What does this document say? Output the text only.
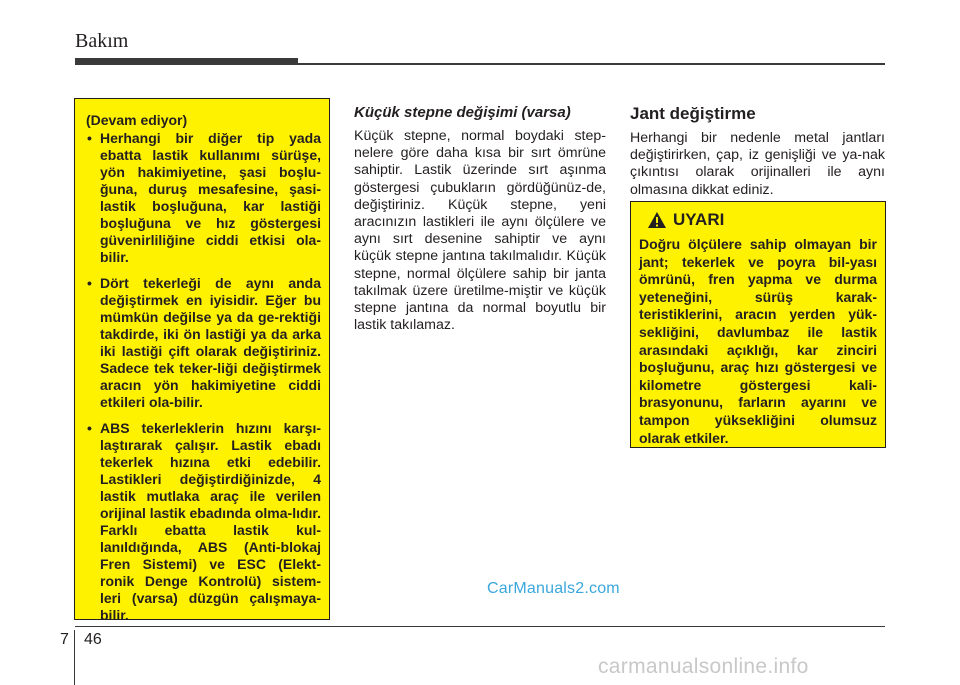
Bakım
(Devam ediyor)
• Herhangi bir diğer tip yada ebatta lastik kullanımı sürüşe, yön hakimiyetine, şasi boşlu-ğuna, duruş mesafesine, şasi-lastik boşluğuna, kar lastiği boşluğuna ve hız göstergesi güvenirliliğine ciddi etkisi ola-bilir.
• Dört tekerleği de aynı anda değiştirmek en iyisidir. Eğer bu mümkün değilse ya da ge-rektiği takdirde, iki ön lastiği ya da arka iki lastiği çift olarak değiştiriniz. Sadece tek teker-liği değiştirmek aracın yön hakimiyetine ciddi etkileri ola-bilir.
• ABS tekerleklerin hızını karşı-laştırarak çalışır. Lastik ebadı tekerlek hızına etki edebilir. Lastikleri değiştirdiğinizde, 4 lastik mutlaka araç ile verilen orijinal lastik ebadında olma-lıdır. Farklı ebatta lastik kul-lanıldığında, ABS (Anti-blokaj Fren Sistemi) ve ESC (Elekt-ronik Denge Kontrolü) sistem-leri (varsa) düzgün çalışmaya-bilir.
Küçük stepne değişimi (varsa)
Küçük stepne, normal boydaki step-nelere göre daha kısa bir sırt ömrüne sahiptir. Lastik üzerinde sırt aşınma göstergesi çubukların gördüğünüz-de, değiştiriniz. Küçük stepne, yeni aracınızın lastikleri ile aynı ölçülere ve aynı sırt desenine sahiptir ve aynı küçük stepne jantına takılmalıdır. Küçük stepne, normal ölçülere sahip bir janta takılmak üzere üretilme-miştir ve küçük stepne jantına da normal boyutlu bir lastik takılamaz.
Jant değiştirme
Herhangi bir nedenle metal jantları değiştirirken, çap, iz genişliği ve ya-nak çıkıntısı olarak orijinalleri ile aynı olmasına dikkat ediniz.
UYARI
Doğru ölçülere sahip olmayan bir jant; tekerlek ve poyra bil-yası ömrünü, fren yapma ve durma yeteneğini, sürüş karak-teristiklerini, aracın yerden yük-sekliğini, davlumbaz ile lastik arasındaki açıklığı, kar zinciri boşluğunu, araç hızı göstergesi ve kilometre göstergesi kali-brasyonunu, farların ayarını ve tampon yüksekliğini olumsuz olarak etkiler.
CarManuals2.com
7 46
carmanualsonline.info
